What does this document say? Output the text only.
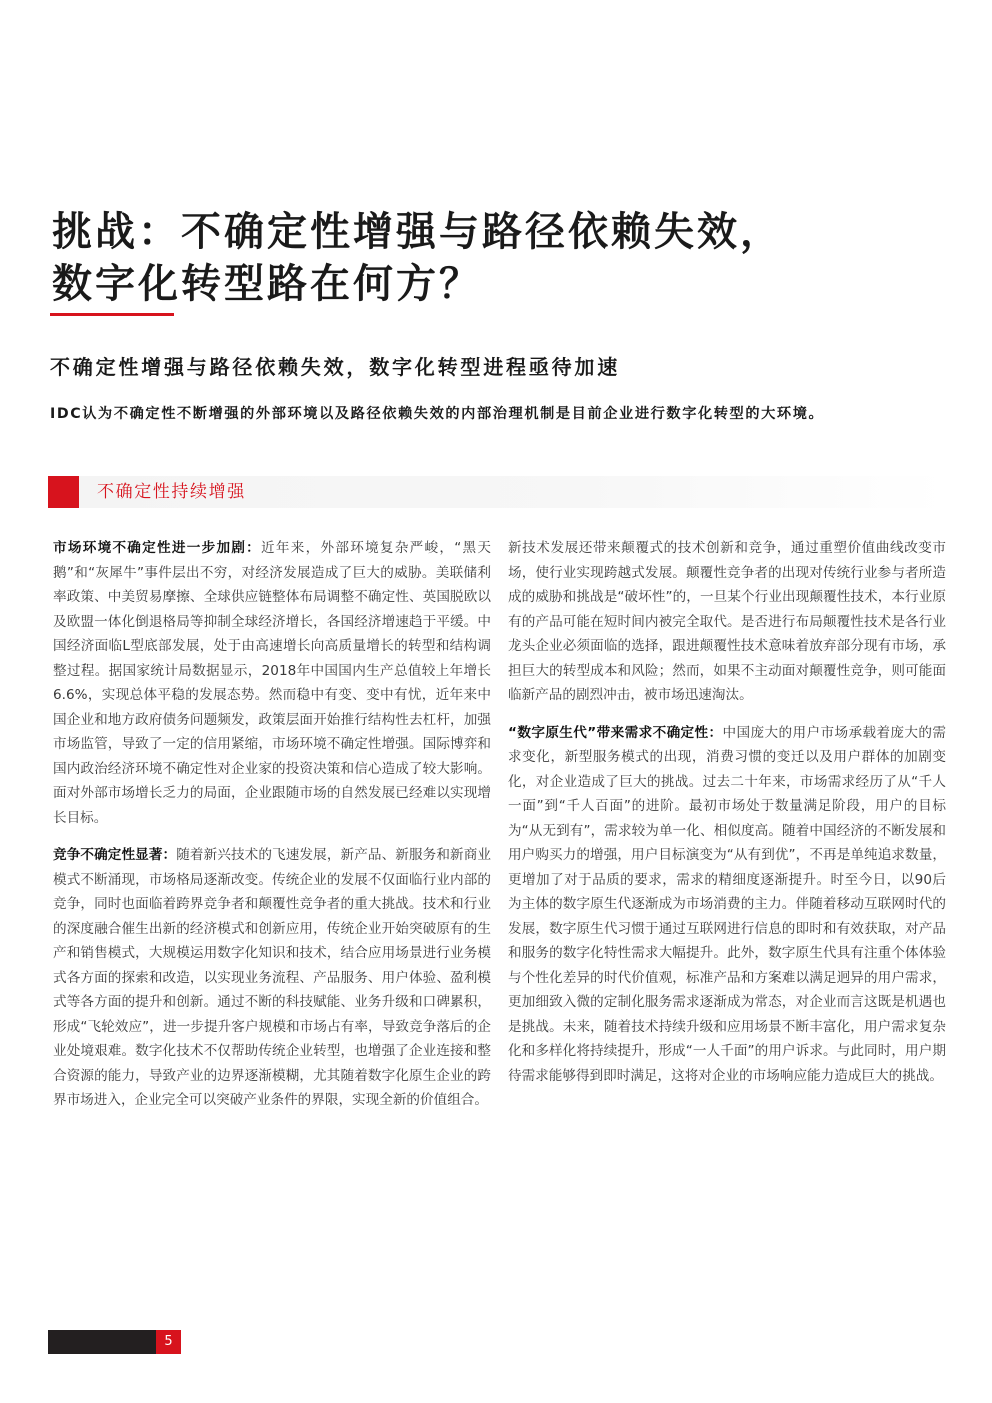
挑战：不确定性增强与路径依赖失效，
数字化转型路在何方？
不确定性增强与路径依赖失效，数字化转型进程亟待加速

IDC认为不确定性不断增强的外部环境以及路径依赖失效的内部治理机制是目前企业进行数字化转型的大环境。

不确定性持续增强

市场环境不确定性进一步加剧：近年来，外部环境复杂严峻，“黑天鹅”和“灰犀牛”事件层出不穷，对经济发展造成了巨大的威胁。美联储利率政策、中美贸易摩擦、全球供应链整体布局调整不确定性、英国脱欧以及欧盟一体化倒退格局等抑制全球经济增长，各国经济增速趋于平缓。中国经济面临L型底部发展，处于由高速增长向高质量增长的转型和结构调整过程。据国家统计局数据显示，2018年中国国内生产总值较上年增长6.6%，实现总体平稳的发展态势。然而稳中有变、变中有忧，近年来中国企业和地方政府债务问题频发，政策层面开始推行结构性去杠杆，加强市场监管，导致了一定的信用紧缩，市场环境不确定性增强。国际博弈和国内政治经济环境不确定性对企业家的投资决策和信心造成了较大影响。面对外部市场增长乏力的局面，企业跟随市场的自然发展已经难以实现增长目标。

竞争不确定性显著：随着新兴技术的飞速发展，新产品、新服务和新商业模式不断涌现，市场格局逐渐改变。传统企业的发展不仅面临行业内部的竞争，同时也面临着跨界竞争者和颠覆性竞争者的重大挑战。技术和行业的深度融合催生出新的经济模式和创新应用，传统企业开始突破原有的生产和销售模式，大规模运用数字化知识和技术，结合应用场景进行业务模式各方面的探索和改造，以实现业务流程、产品服务、用户体验、盈利模式等各方面的提升和创新。通过不断的科技赋能、业务升级和口碑累积，形成“飞轮效应”，进一步提升客户规模和市场占有率，导致竞争落后的企业处境艰难。数字化技术不仅帮助传统企业转型，也增强了企业连接和整合资源的能力，导致产业的边界逐渐模糊，尤其随着数字化原生企业的跨界市场进入，企业完全可以突破产业条件的界限，实现全新的价值组合。

新技术发展还带来颠覆式的技术创新和竞争，通过重塑价值曲线改变市场，使行业实现跨越式发展。颠覆性竞争者的出现对传统行业参与者所造成的威胁和挑战是“破坏性”的，一旦某个行业出现颠覆性技术，本行业原有的产品可能在短时间内被完全取代。是否进行布局颠覆性技术是各行业龙头企业必须面临的选择，跟进颠覆性技术意味着放弃部分现有市场，承担巨大的转型成本和风险；然而，如果不主动面对颠覆性竞争，则可能面临新产品的剧烈冲击，被市场迅速淘汰。

“数字原生代”带来需求不确定性：中国庞大的用户市场承载着庞大的需求变化，新型服务模式的出现，消费习惯的变迁以及用户群体的加剧变化，对企业造成了巨大的挑战。过去二十年来，市场需求经历了从“千人一面”到“千人百面”的进阶。最初市场处于数量满足阶段，用户的目标为“从无到有”，需求较为单一化、相似度高。随着中国经济的不断发展和用户购买力的增强，用户目标演变为“从有到优”，不再是单纯追求数量，更增加了对于品质的要求，需求的精细度逐渐提升。时至今日，以90后为主体的数字原生代逐渐成为市场消费的主力。伴随着移动互联网时代的发展，数字原生代习惯于通过互联网进行信息的即时和有效获取，对产品和服务的数字化特性需求大幅提升。此外，数字原生代具有注重个体体验与个性化差异的时代价值观，标准产品和方案难以满足迥异的用户需求，更加细致入微的定制化服务需求逐渐成为常态，对企业而言这既是机遇也是挑战。未来，随着技术持续升级和应用场景不断丰富化，用户需求复杂化和多样化将持续提升，形成“一人千面”的用户诉求。与此同时，用户期待需求能够得到即时满足，这将对企业的市场响应能力造成巨大的挑战。

5
